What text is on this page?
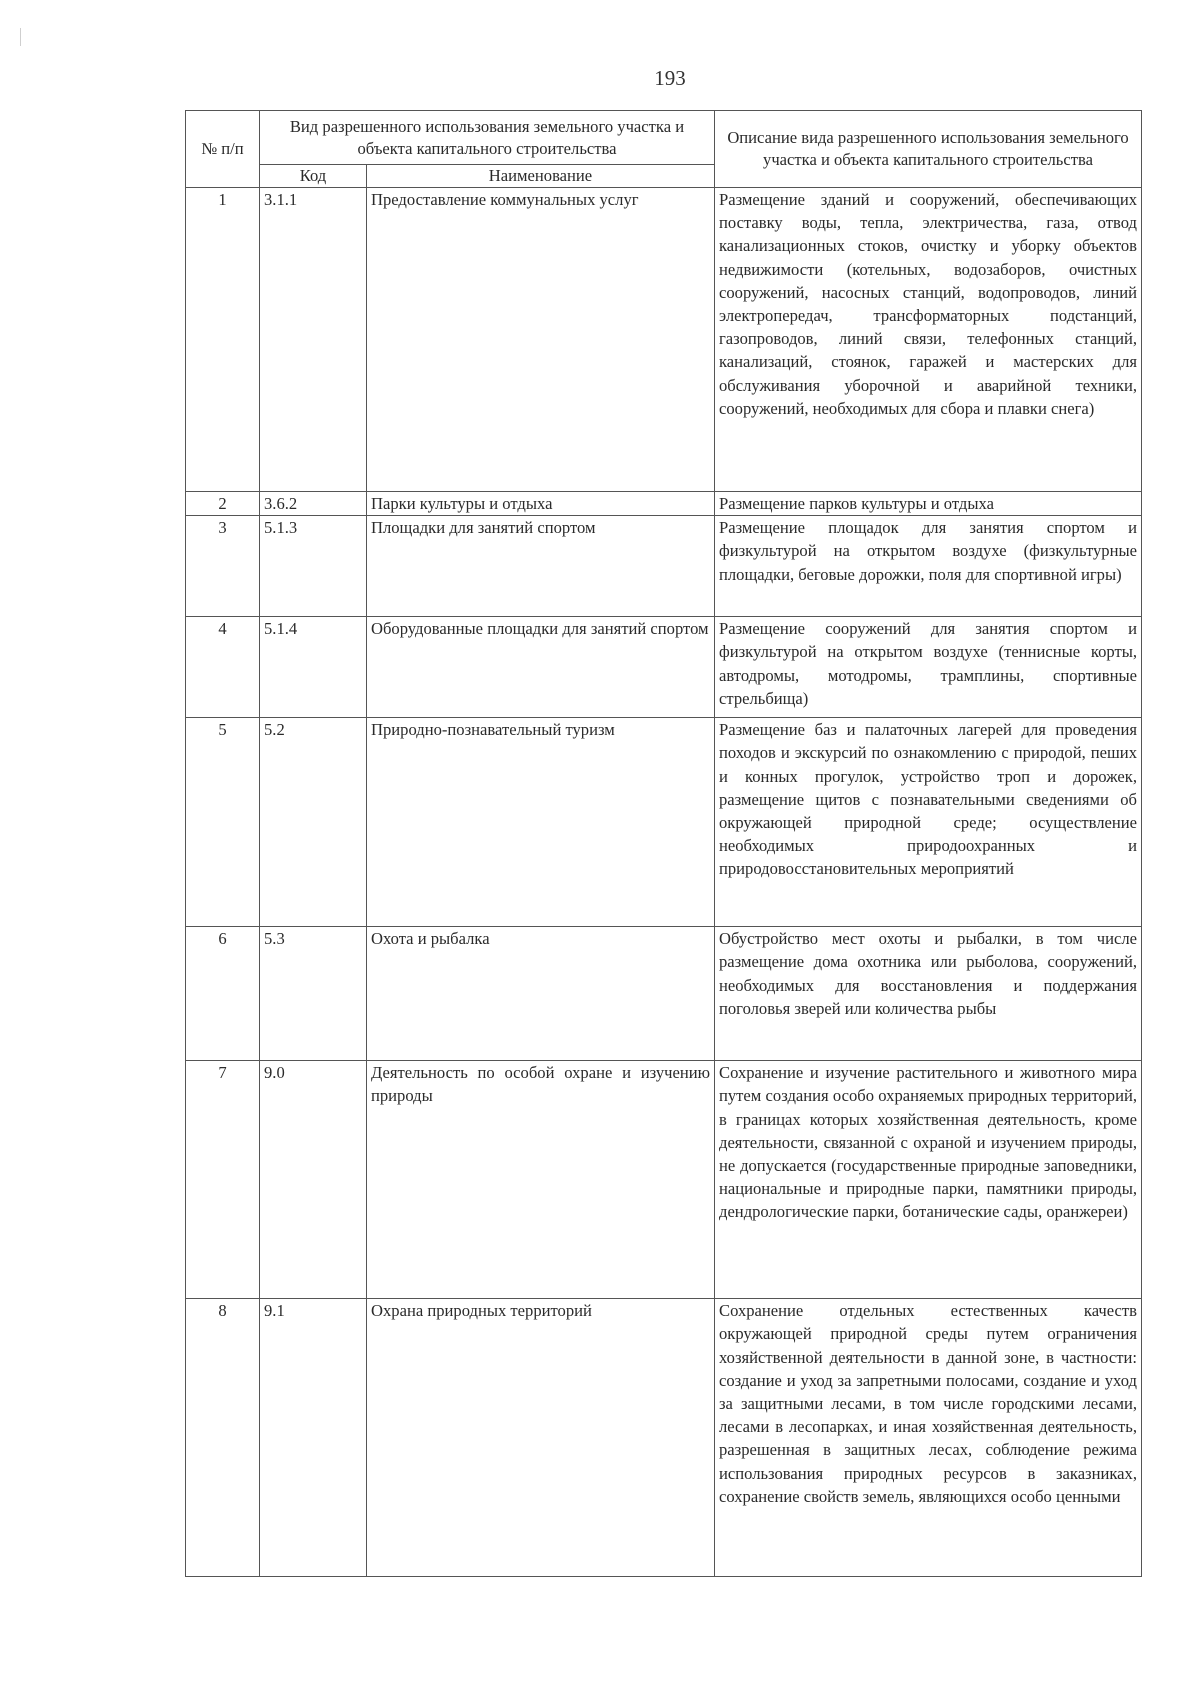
193
№ п/п	Вид разрешенного использования земельного участка и объекта капитального строительства		Описание вида разрешенного использования земельного участка и объекта капитального строительства
	Код	Наименование	
1	3.1.1	Предоставление коммунальных услуг	Размещение зданий и сооружений, обеспечивающих поставку воды, тепла, электричества, газа, отвод канализационных стоков, очистку и уборку объектов недвижимости (котельных, водозаборов, очистных сооружений, насосных станций, водопроводов, линий электропередач, трансформаторных подстанций, газопроводов, линий связи, телефонных станций, канализаций, стоянок, гаражей и мастерских для обслуживания уборочной и аварийной техники, сооружений, необходимых для сбора и плавки снега)
2	3.6.2	Парки культуры и отдыха	Размещение парков культуры и отдыха
3	5.1.3	Площадки для занятий спортом	Размещение площадок для занятия спортом и физкультурой на открытом воздухе (физкультурные площадки, беговые дорожки, поля для спортивной игры)
4	5.1.4	Оборудованные площадки для занятий спортом	Размещение сооружений для занятия спортом и физкультурой на открытом воздухе (теннисные корты, автодромы, мотодромы, трамплины, спортивные стрельбища)
5	5.2	Природно-познавательный туризм	Размещение баз и палаточных лагерей для проведения походов и экскурсий по ознакомлению с природой, пеших и конных прогулок, устройство троп и дорожек, размещение щитов с познавательными сведениями об окружающей природной среде; осуществление необходимых природоохранных и природовосстановительных мероприятий
6	5.3	Охота и рыбалка	Обустройство мест охоты и рыбалки, в том числе размещение дома охотника или рыболова, сооружений, необходимых для восстановления и поддержания поголовья зверей или количества рыбы
7	9.0	Деятельность по особой охране и изучению природы	Сохранение и изучение растительного и животного мира путем создания особо охраняемых природных территорий, в границах которых хозяйственная деятельность, кроме деятельности, связанной с охраной и изучением природы, не допускается (государственные природные заповедники, национальные и природные парки, памятники природы, дендрологические парки, ботанические сады, оранжереи)
8	9.1	Охрана природных территорий	Сохранение отдельных естественных качеств окружающей природной среды путем ограничения хозяйственной деятельности в данной зоне, в частности: создание и уход за запретными полосами, создание и уход за защитными лесами, в том числе городскими лесами, лесами в лесопарках, и иная хозяйственная деятельность, разрешенная в защитных лесах, соблюдение режима использования природных ресурсов в заказниках, сохранение свойств земель, являющихся особо ценными
